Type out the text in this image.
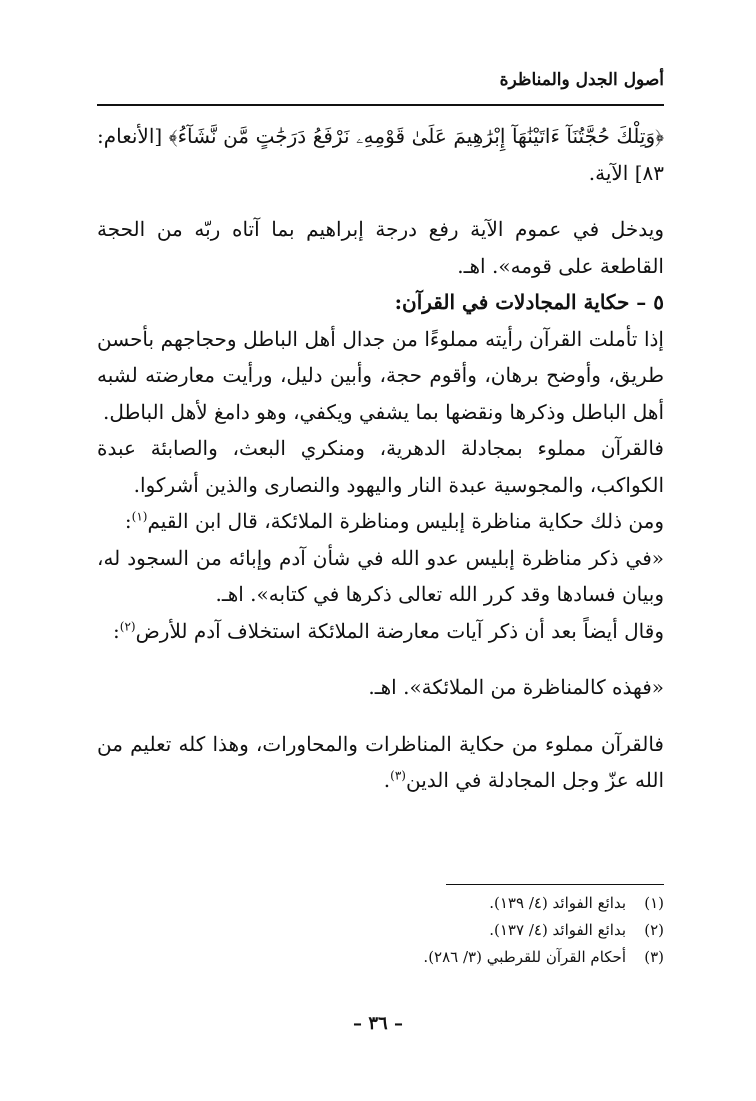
أصول الجدل والمناظرة

﴿وَتِلْكَ حُجَّتُنَآ ءَاتَيْنَٰهَآ إِبْرَٰهِيمَ عَلَىٰ قَوْمِهِۦ نَرْفَعُ دَرَجَٰتٍ مَّن نَّشَآءُ﴾ [الأنعام: ٨٣] الآية.

ويدخل في عموم الآية رفع درجة إبراهيم بما آتاه ربّه من الحجة القاطعة على قومه». اهـ.

٥ – حكاية المجادلات في القرآن:

إذا تأملت القرآن رأيته مملوءًا من جدال أهل الباطل وحجاجهم بأحسن طريق، وأوضح برهان، وأقوم حجة، وأبين دليل، ورأيت معارضته لشبه أهل الباطل وذكرها ونقضها بما يشفي ويكفي، وهو دامغ لأهل الباطل.

فالقرآن مملوء بمجادلة الدهرية، ومنكري البعث، والصابئة عبدة الكواكب، والمجوسية عبدة النار واليهود والنصارى والذين أشركوا.

ومن ذلك حكاية مناظرة إبليس ومناظرة الملائكة، قال ابن القيم$^{(١)}$:

«في ذكر مناظرة إبليس عدو الله في شأن آدم وإبائه من السجود له، وبيان فسادها وقد كرر الله تعالى ذكرها في كتابه». اهـ.

وقال أيضاً بعد أن ذكر آيات معارضة الملائكة استخلاف آدم للأرض$^{(٢)}$:

«فهذه كالمناظرة من الملائكة». اهـ.

فالقرآن مملوء من حكاية المناظرات والمحاورات، وهذا كله تعليم من الله عزّ وجل المجادلة في الدين$^{(٣)}$.

(١)
بدائع الفوائد (٤/ ١٣٩).
(٢)
بدائع الفوائد (٤/ ١٣٧).
(٣)
أحكام القرآن للقرطبي (٣/ ٢٨٦).
– ٣٦ –
